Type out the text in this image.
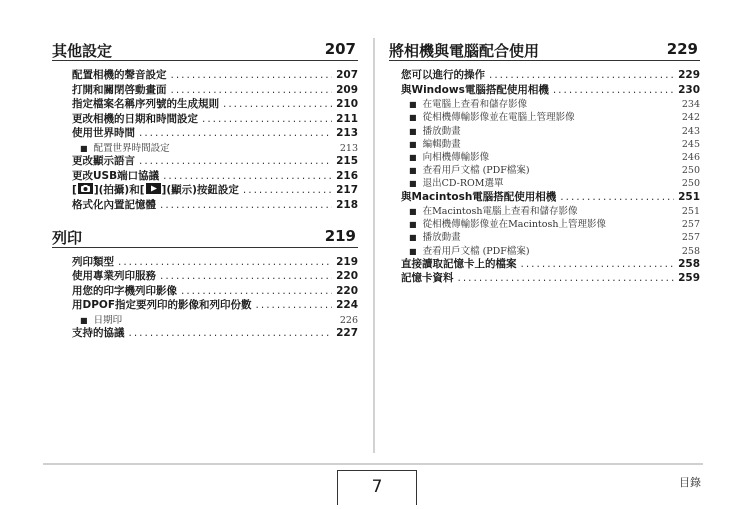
其他設定	207
配置相機的聲音設定 .....	207
打開和關閉啓動畫面 .....	209
指定檔案名稱序列號的生成規則 .....	210
更改相機的日期和時間設定 .....	211
使用世界時間 .....	213
■ 配置世界時間設定	213
更改顯示語言 .....	215
更改USB端口協議 .....	216
[ ](拍攝)和[ ](顯示)按鈕設定 .....	217
格式化內置記憶體 .....	218
列印	219
列印類型 .....	219
使用專業列印服務 .....	220
用您的印字機列印影像 .....	220
用DPOF指定要列印的影像和列印份數 .....	224
■ 日期印	226
支持的協議 .....	227
將相機與電腦配合使用	229
您可以進行的操作 .....	229
與Windows電腦搭配使用相機 .....	230
■ 在電腦上查看和儲存影像	234
■ 從相機傳輸影像並在電腦上管理影像	242
■ 播放動畫	243
■ 編輯動畫	245
■ 向相機傳輸影像	246
■ 查看用戶文檔 (PDF檔案)	250
■ 退出CD-ROM選單	250
與Macintosh電腦搭配使用相機 .....	251
■ 在Macintosh電腦上查看和儲存影像	251
■ 從相機傳輸影像並在Macintosh上管理影像	257
■ 播放動畫	257
■ 查看用戶文檔 (PDF檔案)	258
直接讀取記憶卡上的檔案 .....	258
記憶卡資料 .....	259
7	目錄
